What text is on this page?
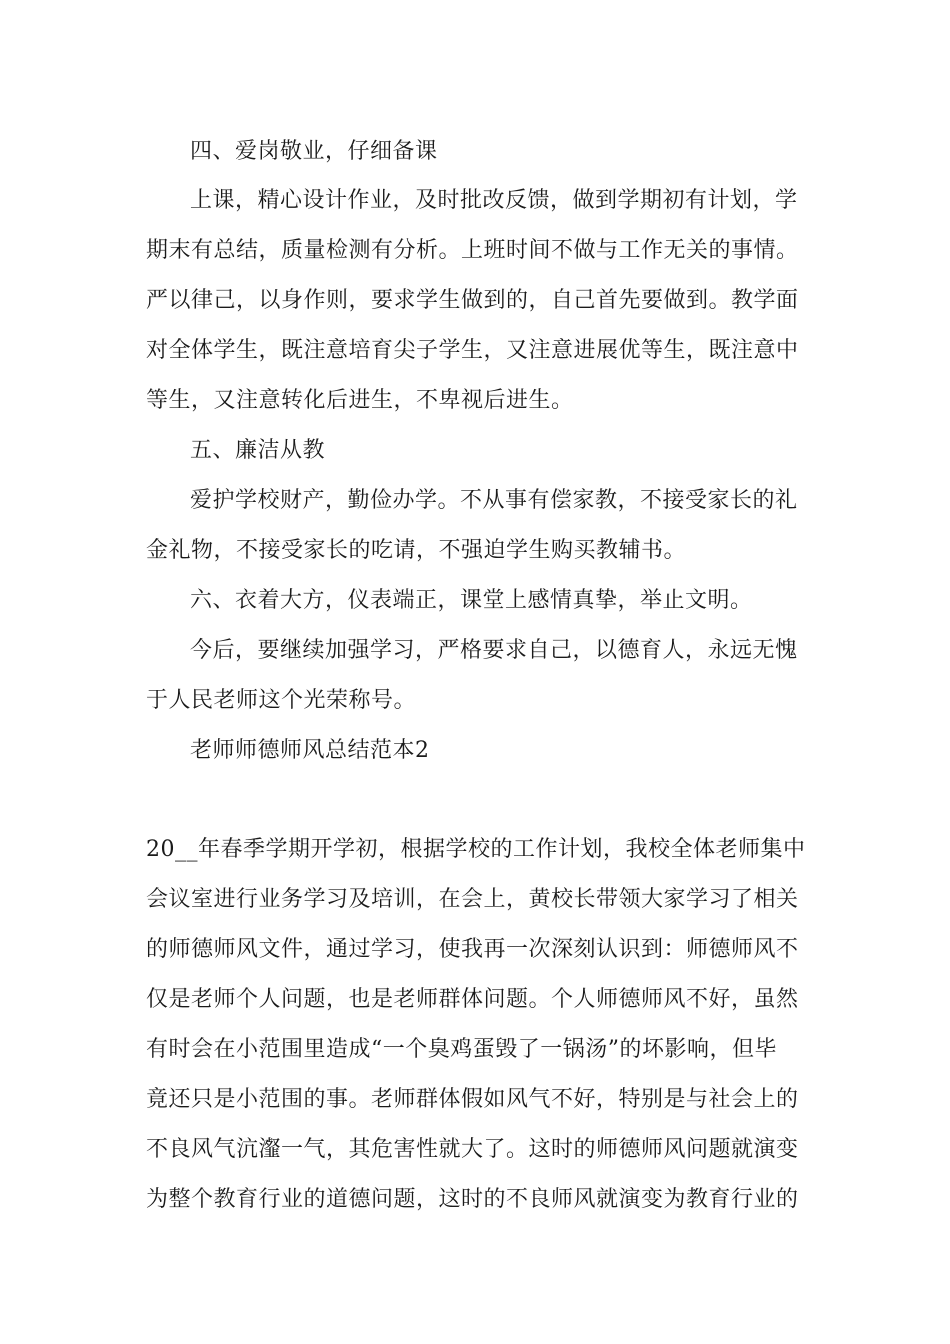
四、爱岗敬业，仔细备课
上课，精心设计作业，及时批改反馈，做到学期初有计划，学
期末有总结，质量检测有分析。上班时间不做与工作无关的事情。
严以律己，以身作则，要求学生做到的，自己首先要做到。教学面
对全体学生，既注意培育尖子学生，又注意进展优等生，既注意中
等生，又注意转化后进生，不卑视后进生。
五、廉洁从教
爱护学校财产，勤俭办学。不从事有偿家教，不接受家长的礼
金礼物，不接受家长的吃请，不强迫学生购买教辅书。
六、衣着大方，仪表端正，课堂上感情真挚，举止文明。
今后，要继续加强学习，严格要求自己，以德育人，永远无愧
于人民老师这个光荣称号。
老师师德师风总结范本2
20__年春季学期开学初，根据学校的工作计划，我校全体老师集中
会议室进行业务学习及培训，在会上，黄校长带领大家学习了相关
的师德师风文件，通过学习，使我再一次深刻认识到：师德师风不
仅是老师个人问题，也是老师群体问题。个人师德师风不好，虽然
有时会在小范围里造成“一个臭鸡蛋毁了一锅汤”的坏影响，但毕
竟还只是小范围的事。老师群体假如风气不好，特别是与社会上的
不良风气沆瀣一气，其危害性就大了。这时的师德师风问题就演变
为整个教育行业的道德问题，这时的不良师风就演变为教育行业的
